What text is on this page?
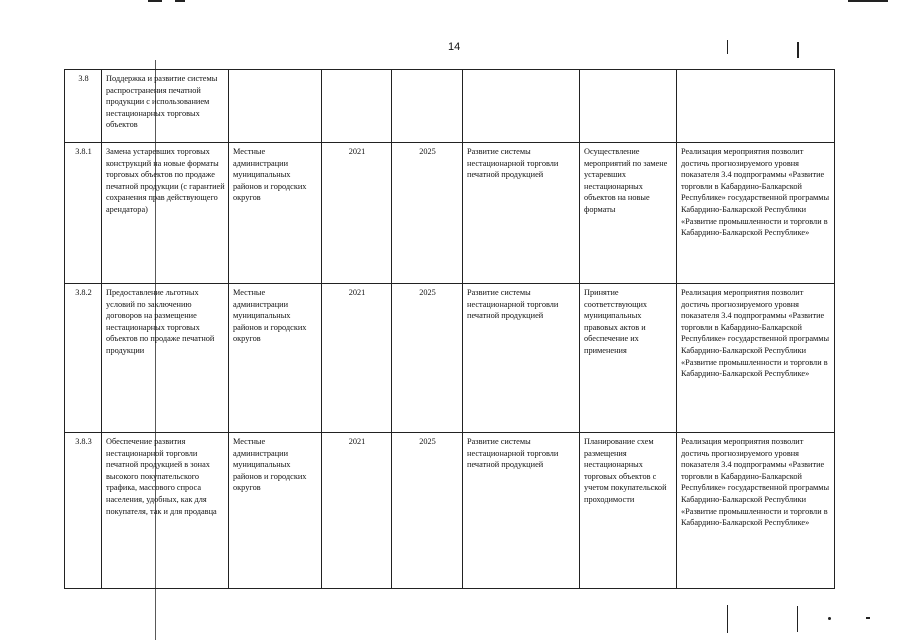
14
3.8	Поддержка и развитие системы распространения печатной продукции с использованием нестационарных торговых объектов						
3.8.1	Замена устаревших торговых конструкций на новые форматы торговых объектов по продаже печатной продукции (с гарантией сохранения прав действующего арендатора)	Местные администрации муниципальных районов и городских округов	2021	2025	Развитие системы нестационарной торговли печатной продукцией	Осуществление мероприятий по замене устаревших нестационарных объектов на новые форматы	Реализация мероприятия позволит достичь прогнозируемого уровня показателя 3.4 подпрограммы «Развитие торговли в Кабардино-Балкарской Республике» государственной программы Кабардино-Балкарской Республики «Развитие промышленности и торговли в Кабардино-Балкарской Республике»
3.8.2	Предоставление льготных условий по заключению договоров на размещение нестационарных торговых объектов по продаже печатной продукции	Местные администрации муниципальных районов и городских округов	2021	2025	Развитие системы нестационарной торговли печатной продукцией	Принятие соответствующих муниципальных правовых актов и обеспечение их применения	Реализация мероприятия позволит достичь прогнозируемого уровня показателя 3.4 подпрограммы «Развитие торговли в Кабардино-Балкарской Республике» государственной программы Кабардино-Балкарской Республики «Развитие промышленности и торговли в Кабардино-Балкарской Республике»
3.8.3	Обеспечение развития нестационарной торговли печатной продукцией в зонах высокого покупательского трафика, массового спроса населения, удобных, как для покупателя, так и для продавца	Местные администрации муниципальных районов и городских округов	2021	2025	Развитие системы нестационарной торговли печатной продукцией	Планирование схем размещения нестационарных торговых объектов с учетом покупательской проходимости	Реализация мероприятия позволит достичь прогнозируемого уровня показателя 3.4 подпрограммы «Развитие торговли в Кабардино-Балкарской Республике» государственной программы Кабардино-Балкарской Республики «Развитие промышленности и торговли в Кабардино-Балкарской Республике»
